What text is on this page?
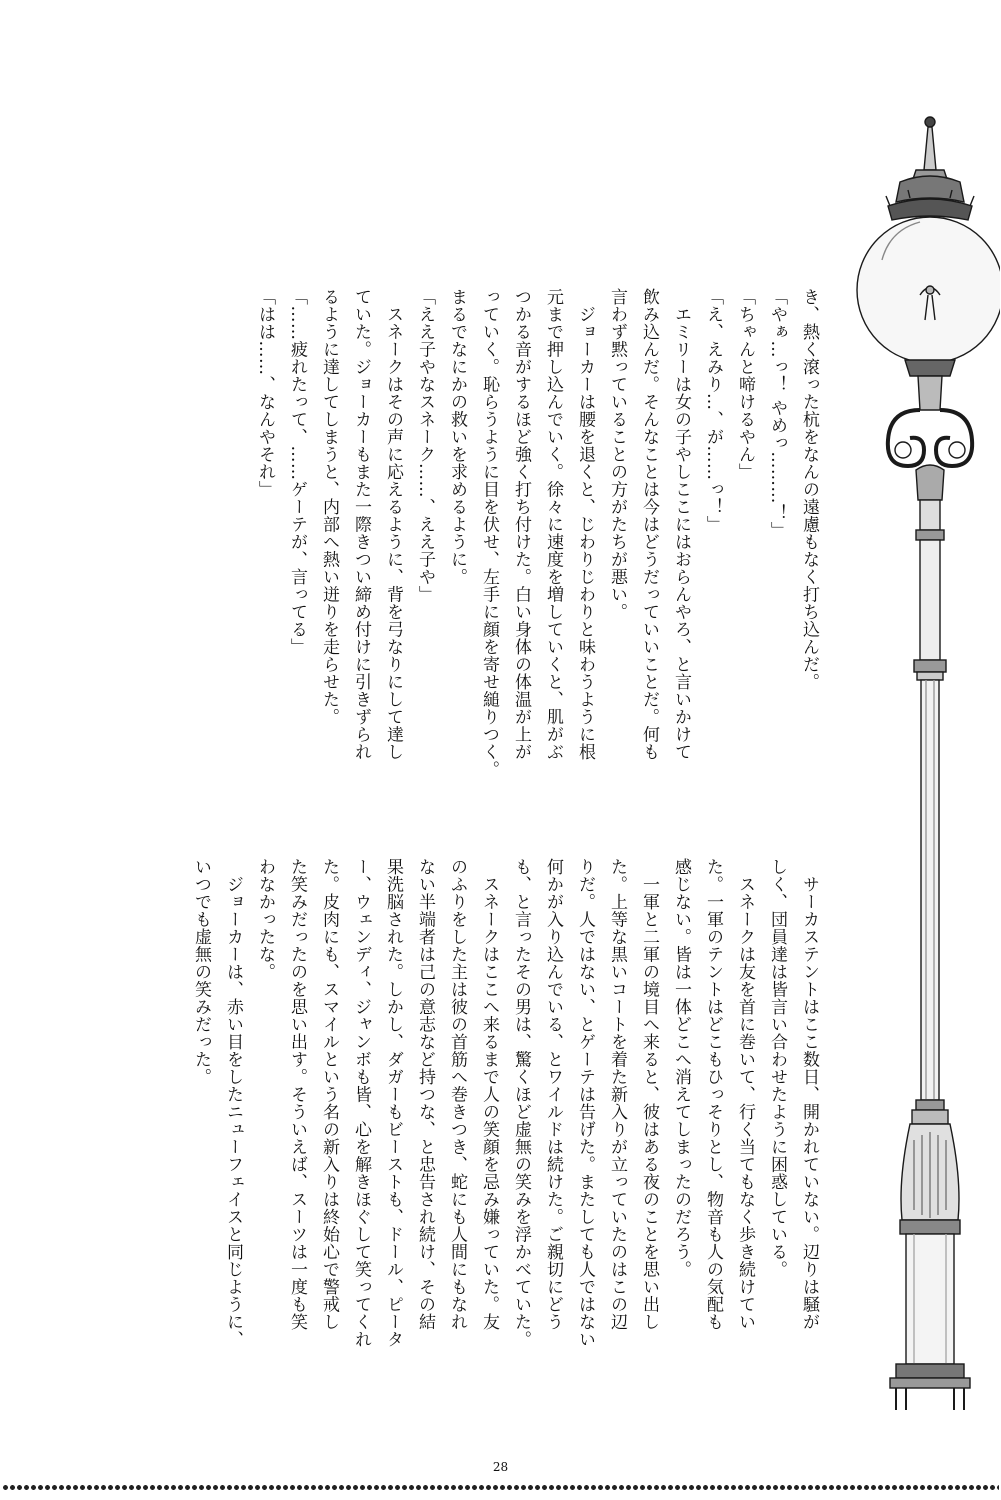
き、熱く滾った杭をなんの遠慮もなく打ち込んだ。

「やぁ…っ！ やめっ………！」

「ちゃんと啼けるやん」

「え、えみり…、が……っ！」

　エミリーは女の子やしここにはおらんやろ、と言いかけて

飲み込んだ。そんなことは今はどうだっていいことだ。何も

言わず黙っていることの方がたちが悪い。

　ジョーカーは腰を退くと、じわりじわりと味わうように根

元まで押し込んでいく。徐々に速度を増していくと、肌がぶ

つかる音がするほど強く打ち付けた。白い身体の体温が上が

っていく。恥らうように目を伏せ、左手に顔を寄せ縋りつく。

まるでなにかの救いを求めるように。

「ええ子やなスネーク……、ええ子や」

　スネークはその声に応えるように、背を弓なりにして達し

ていた。ジョーカーもまた一際きつい締め付けに引きずられ

るように達してしまうと、内部へ熱い迸りを走らせた。

「……疲れたって、……ゲーテが、言ってる」

「はは……、なんやそれ」

　サーカステントはここ数日、開かれていない。辺りは騒が

しく、団員達は皆言い合わせたように困惑している。

　スネークは友を首に巻いて、行く当てもなく歩き続けてい

た。一軍のテントはどこもひっそりとし、物音も人の気配も

感じない。皆は一体どこへ消えてしまったのだろう。

　一軍と二軍の境目へ来ると、彼はある夜のことを思い出し

た。上等な黒いコートを着た新入りが立っていたのはこの辺

りだ。人ではない、とゲーテは告げた。またしても人ではない

何かが入り込んでいる、とワイルドは続けた。ご親切にどう

も、と言ったその男は、驚くほど虚無の笑みを浮かべていた。

　スネークはここへ来るまで人の笑顔を忌み嫌っていた。友

のふりをした主は彼の首筋へ巻きつき、蛇にも人間にもなれ

ない半端者は己の意志など持つな、と忠告され続け、その結

果洗脳された。しかし、ダガーもビーストも、ドール、ピータ

ー、ウェンディ、ジャンボも皆、心を解きほぐして笑ってくれ

た。皮肉にも、スマイルという名の新入りは終始心で警戒し

た笑みだったのを思い出す。そういえば、スーツは一度も笑

わなかったな。

　ジョーカーは、赤い目をしたニューフェイスと同じように、

いつでも虚無の笑みだった。

28
